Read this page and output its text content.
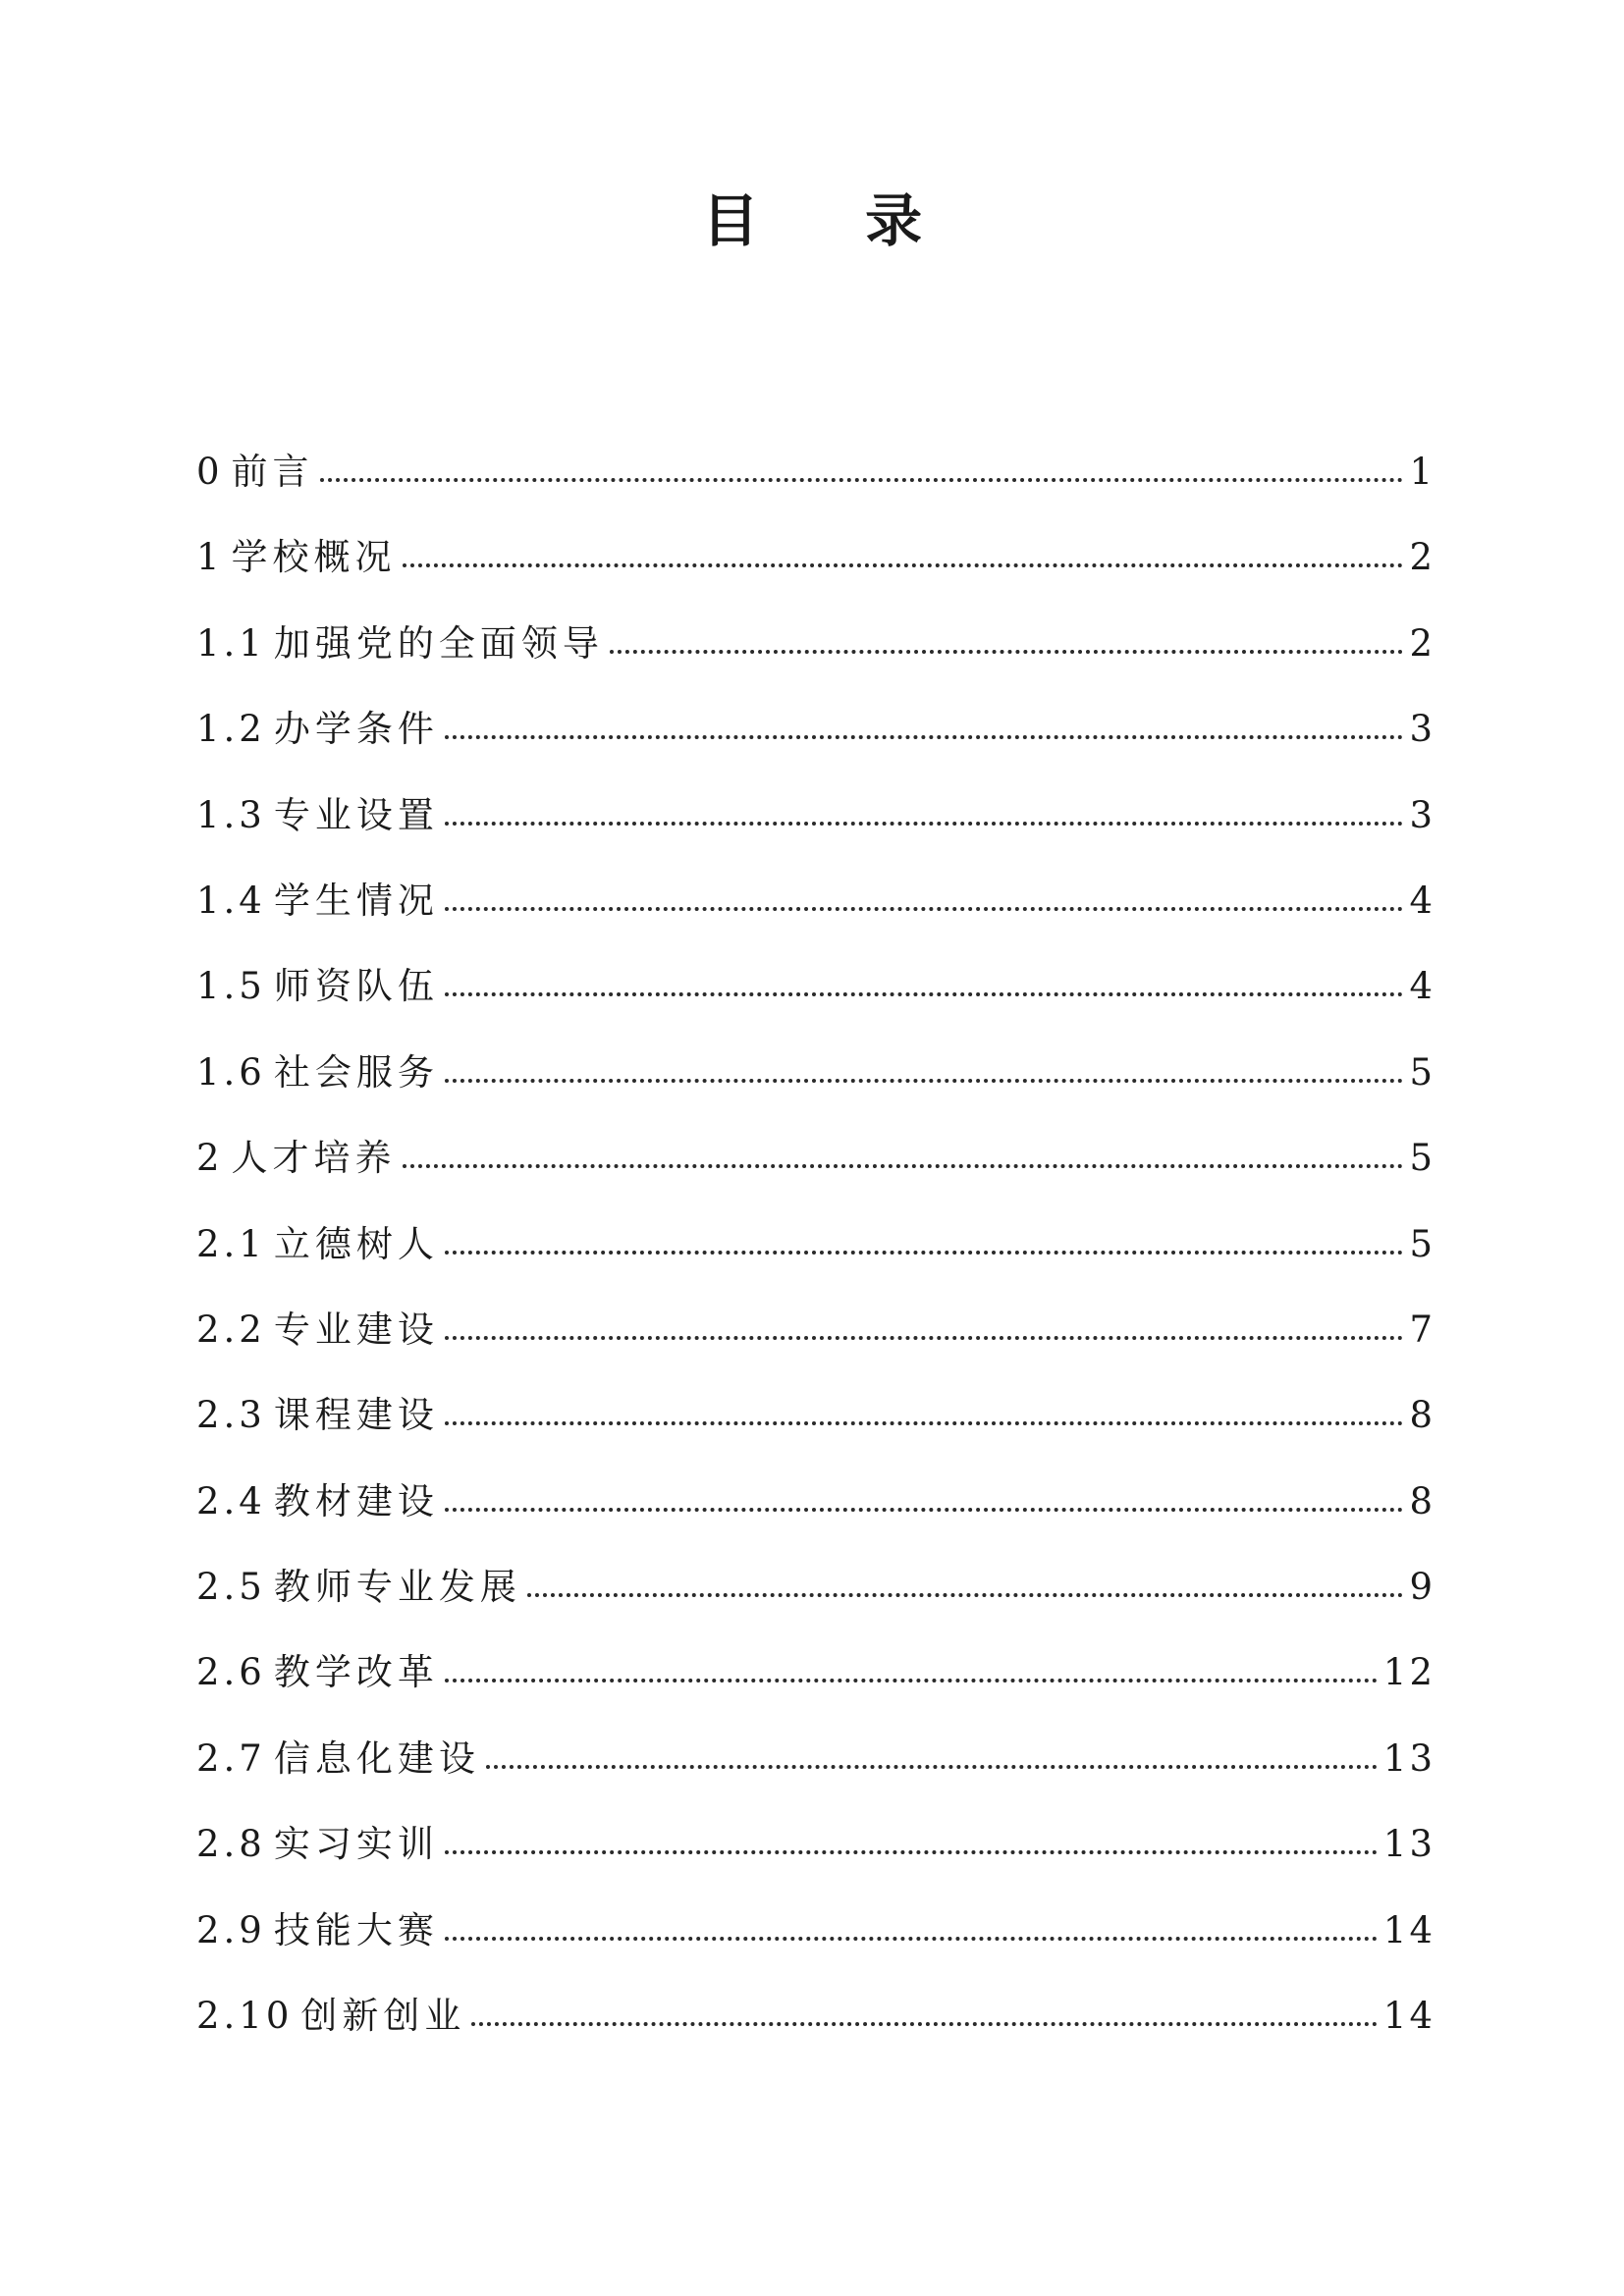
目 录
0 前言	1
1 学校概况	2
1.1 加强党的全面领导	2
1.2 办学条件	3
1.3 专业设置	3
1.4 学生情况	4
1.5 师资队伍	4
1.6 社会服务	5
2 人才培养	5
2.1 立德树人	5
2.2 专业建设	7
2.3 课程建设	8
2.4 教材建设	8
2.5 教师专业发展	9
2.6 教学改革	12
2.7 信息化建设	13
2.8 实习实训	13
2.9 技能大赛	14
2.10 创新创业	14
